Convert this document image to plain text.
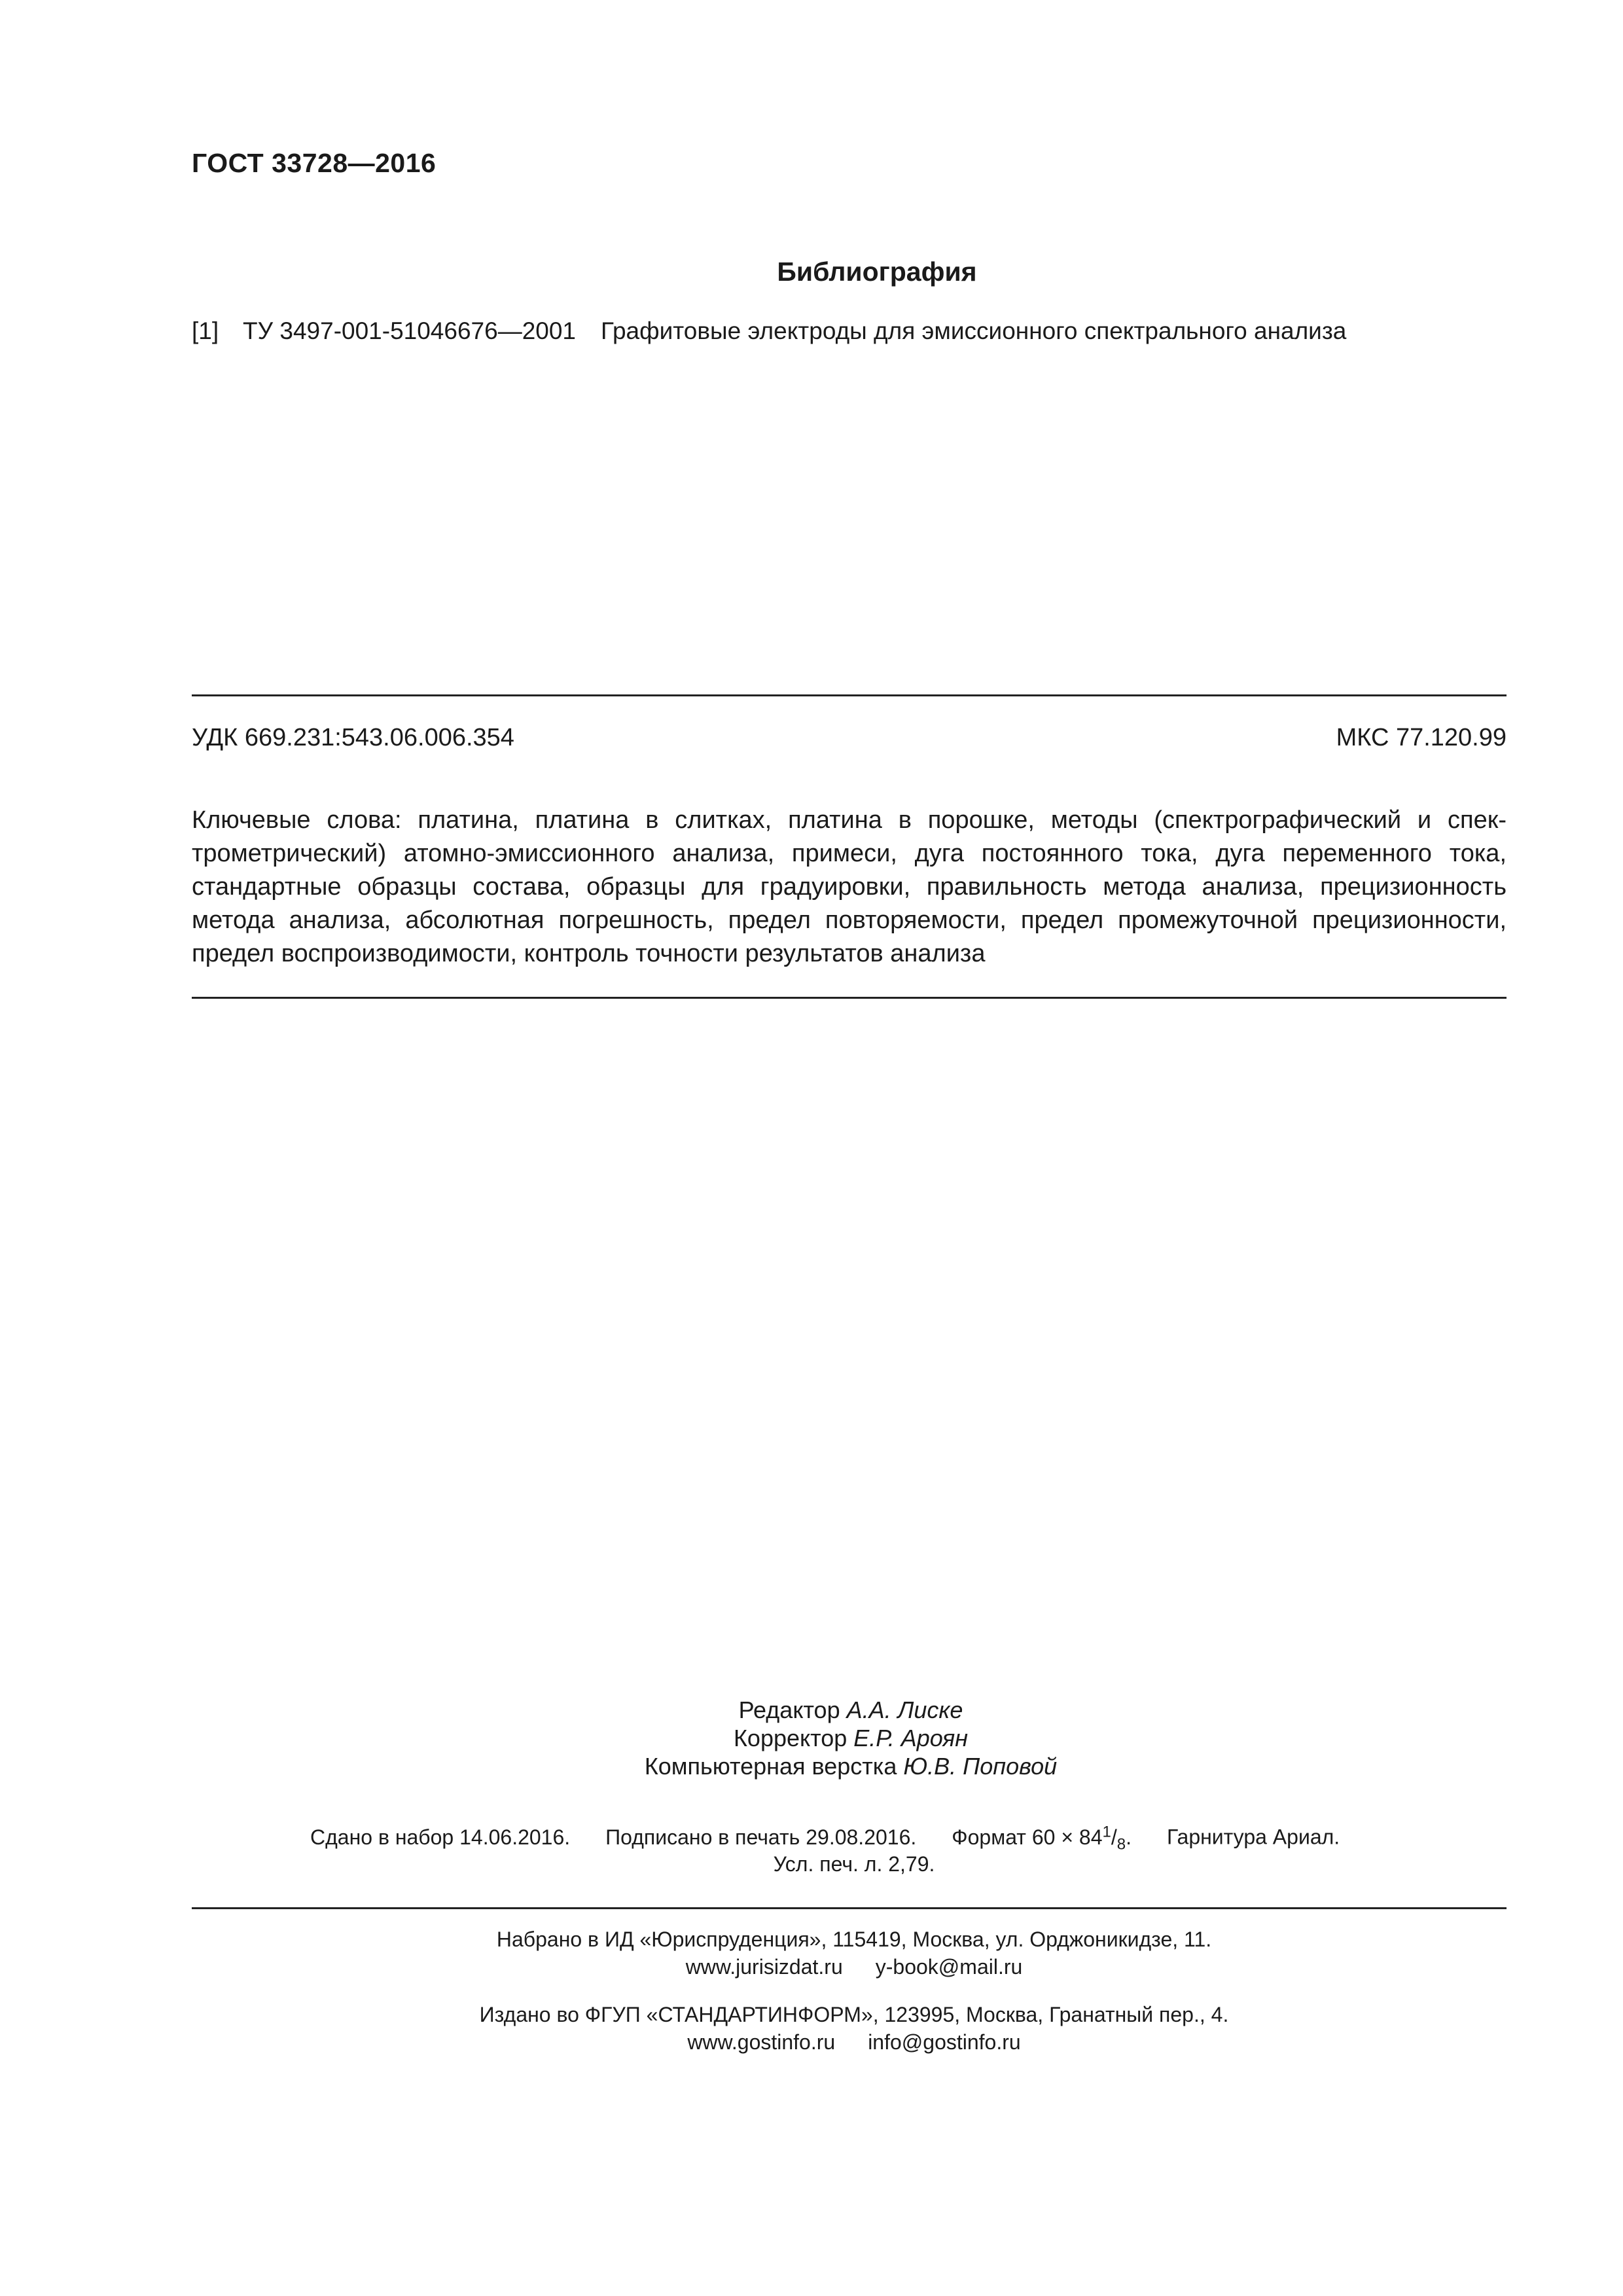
ГОСТ 33728—2016
Библиография
[1] ТУ 3497-001-51046676—2001 Графитовые электроды для эмиссионного спектрального анализа
УДК 669.231:543.06.006.354	МКС 77.120.99
Ключевые слова: платина, платина в слитках, платина в порошке, методы (спектрографический и спектрометрический) атомно-эмиссионного анализа, примеси, дуга постоянного тока, дуга переменного тока, стандартные образцы состава, образцы для градуировки, правильность метода анализа, прецизионность метода анализа, абсолютная погрешность, предел повторяемости, предел промежуточной прецизионности, предел воспроизводимости, контроль точности результатов анализа
Редактор А.А. Лиске
Корректор Е.Р. Ароян
Компьютерная верстка Ю.В. Поповой
Сдано в набор 14.06.2016. Подписано в печать 29.08.2016. Формат $60 \times 84^1/_8$. Гарнитура Ариал.
Усл. печ. л. 2,79.
Набрано в ИД «Юриспруденция», 115419, Москва, ул. Орджоникидзе, 11.
www.jurisizdat.ru y-book@mail.ru
Издано во ФГУП «СТАНДАРТИНФОРМ», 123995, Москва, Гранатный пер., 4.
www.gostinfo.ru info@gostinfo.ru
